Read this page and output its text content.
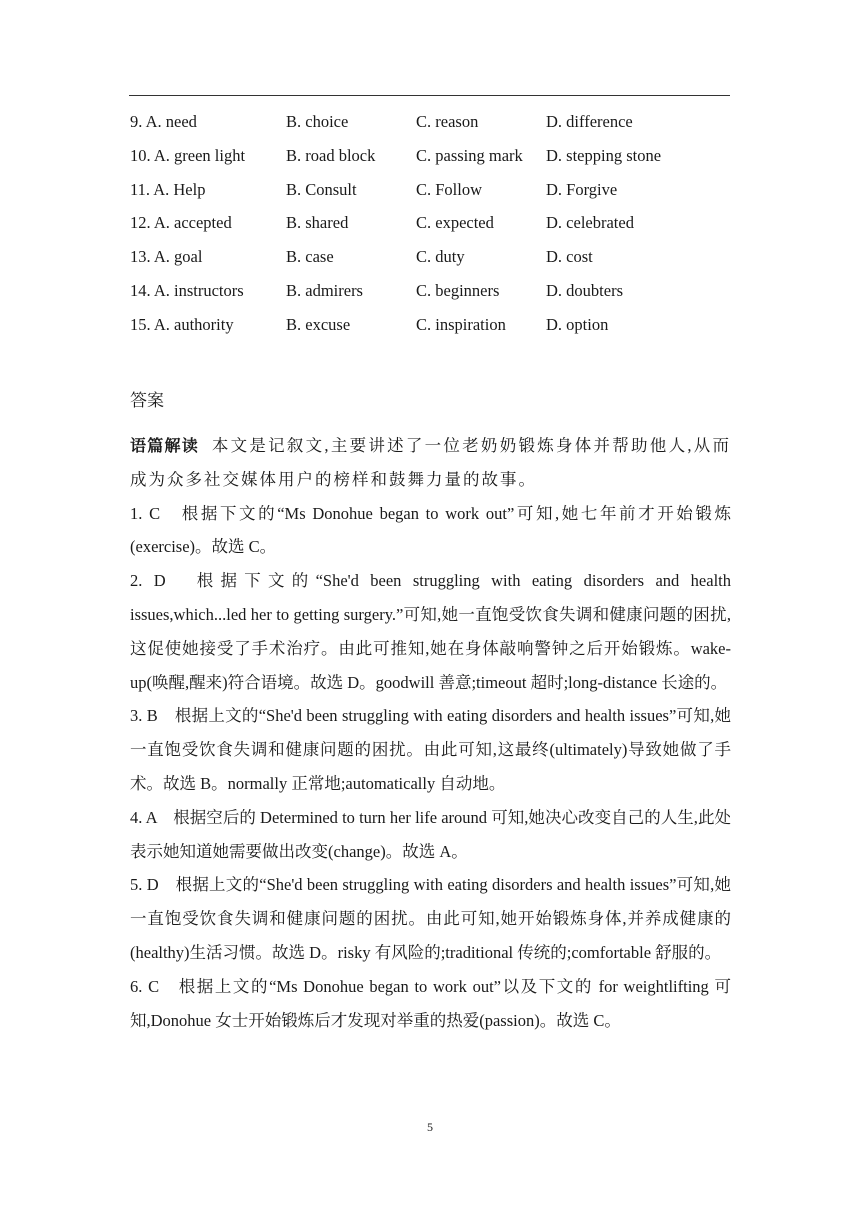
9. A. need	B. choice	C. reason	D. difference
10. A. green light B. road block C. passing mark D. stepping stone
11. A. Help	B. Consult	C. Follow	D. Forgive
12. A. accepted	B. shared	C. expected	D. celebrated
13. A. goal	B. case	C. duty	D. cost
14. A. instructors	B. admirers	C. beginners	D. doubters
15. A. authority	B. excuse	C. inspiration D. option
答案

语篇解读 本文是记叙文,主要讲述了一位老奶奶锻炼身体并帮助他人,从而成为众多社交媒体用户的榜样和鼓舞力量的故事。

1. C　根据下文的“Ms Donohue began to work out”可知,她七年前才开始锻炼(exercise)。故选 C。

2. D　根据下文的“She'd been struggling with eating disorders and health issues,which...led her to getting surgery.”可知,她一直饱受饮食失调和健康问题的困扰,这促使她接受了手术治疗。由此可推知,她在身体敲响警钟之后开始锻炼。wake-up(唤醒,醒来)符合语境。故选 D。goodwill 善意;timeout 超时;long-distance 长途的。

3. B　根据上文的“She'd been struggling with eating disorders and health issues”可知,她一直饱受饮食失调和健康问题的困扰。由此可知,这最终(ultimately)导致她做了手术。故选 B。normally 正常地;automatically 自动地。

4. A　根据空后的 Determined to turn her life around 可知,她决心改变自己的人生,此处表示她知道她需要做出改变(change)。故选 A。

5. D　根据上文的“She'd been struggling with eating disorders and health issues”可知,她一直饱受饮食失调和健康问题的困扰。由此可知,她开始锻炼身体,并养成健康的(healthy)生活习惯。故选 D。risky 有风险的;traditional 传统的;comfortable 舒服的。

6. C　根据上文的“Ms Donohue began to work out”以及下文的 for weightlifting 可知,Donohue 女士开始锻炼后才发现对举重的热爱(passion)。故选 C。

5
